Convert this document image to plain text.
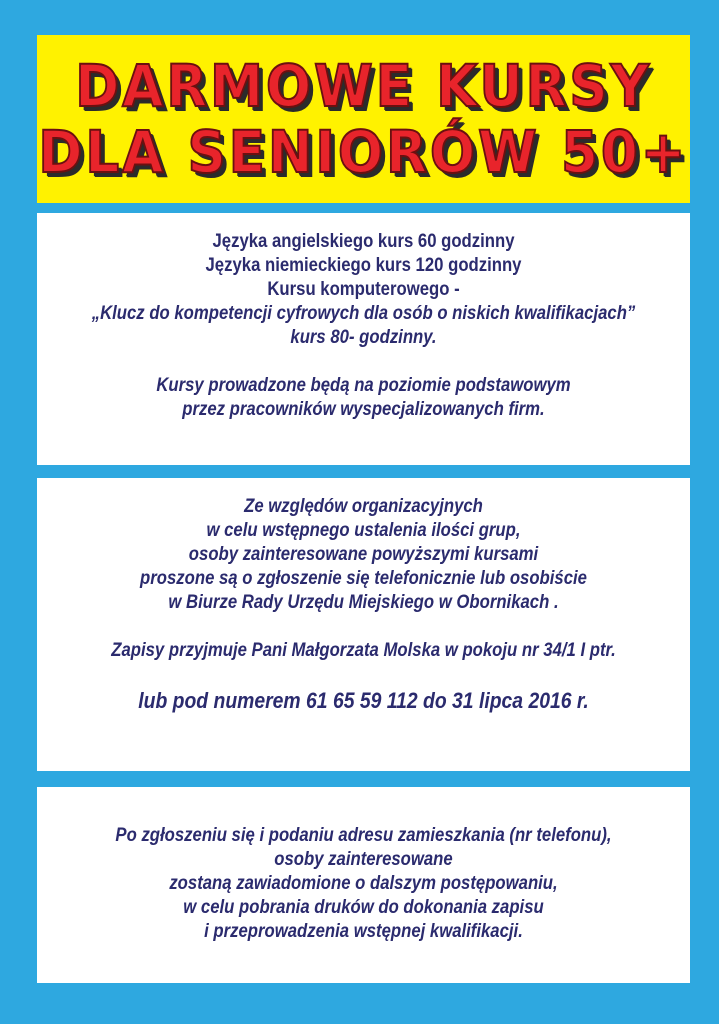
DARMOWE KURSY
DLA SENIORÓW 50+
Języka angielskiego kurs 60 godzinny
Języka niemieckiego kurs 120 godzinny
Kursu komputerowego -
„Klucz do kompetencji cyfrowych dla osób o niskich kwalifikacjach”
kurs 80- godzinny.
Kursy prowadzone będą na poziomie podstawowym
przez pracowników wyspecjalizowanych firm.
Ze względów organizacyjnych
w celu wstępnego ustalenia ilości grup,
osoby zainteresowane powyższymi kursami
proszone są o zgłoszenie się telefonicznie lub osobiście
w Biurze Rady Urzędu Miejskiego w Obornikach .
Zapisy przyjmuje Pani Małgorzata Molska w pokoju nr 34/1 I ptr.
lub pod numerem 61 65 59 112 do 31 lipca 2016 r.
Po zgłoszeniu się i podaniu adresu zamieszkania (nr telefonu),
osoby zainteresowane
zostaną zawiadomione o dalszym postępowaniu,
w celu pobrania druków do dokonania zapisu
i przeprowadzenia wstępnej kwalifikacji.
